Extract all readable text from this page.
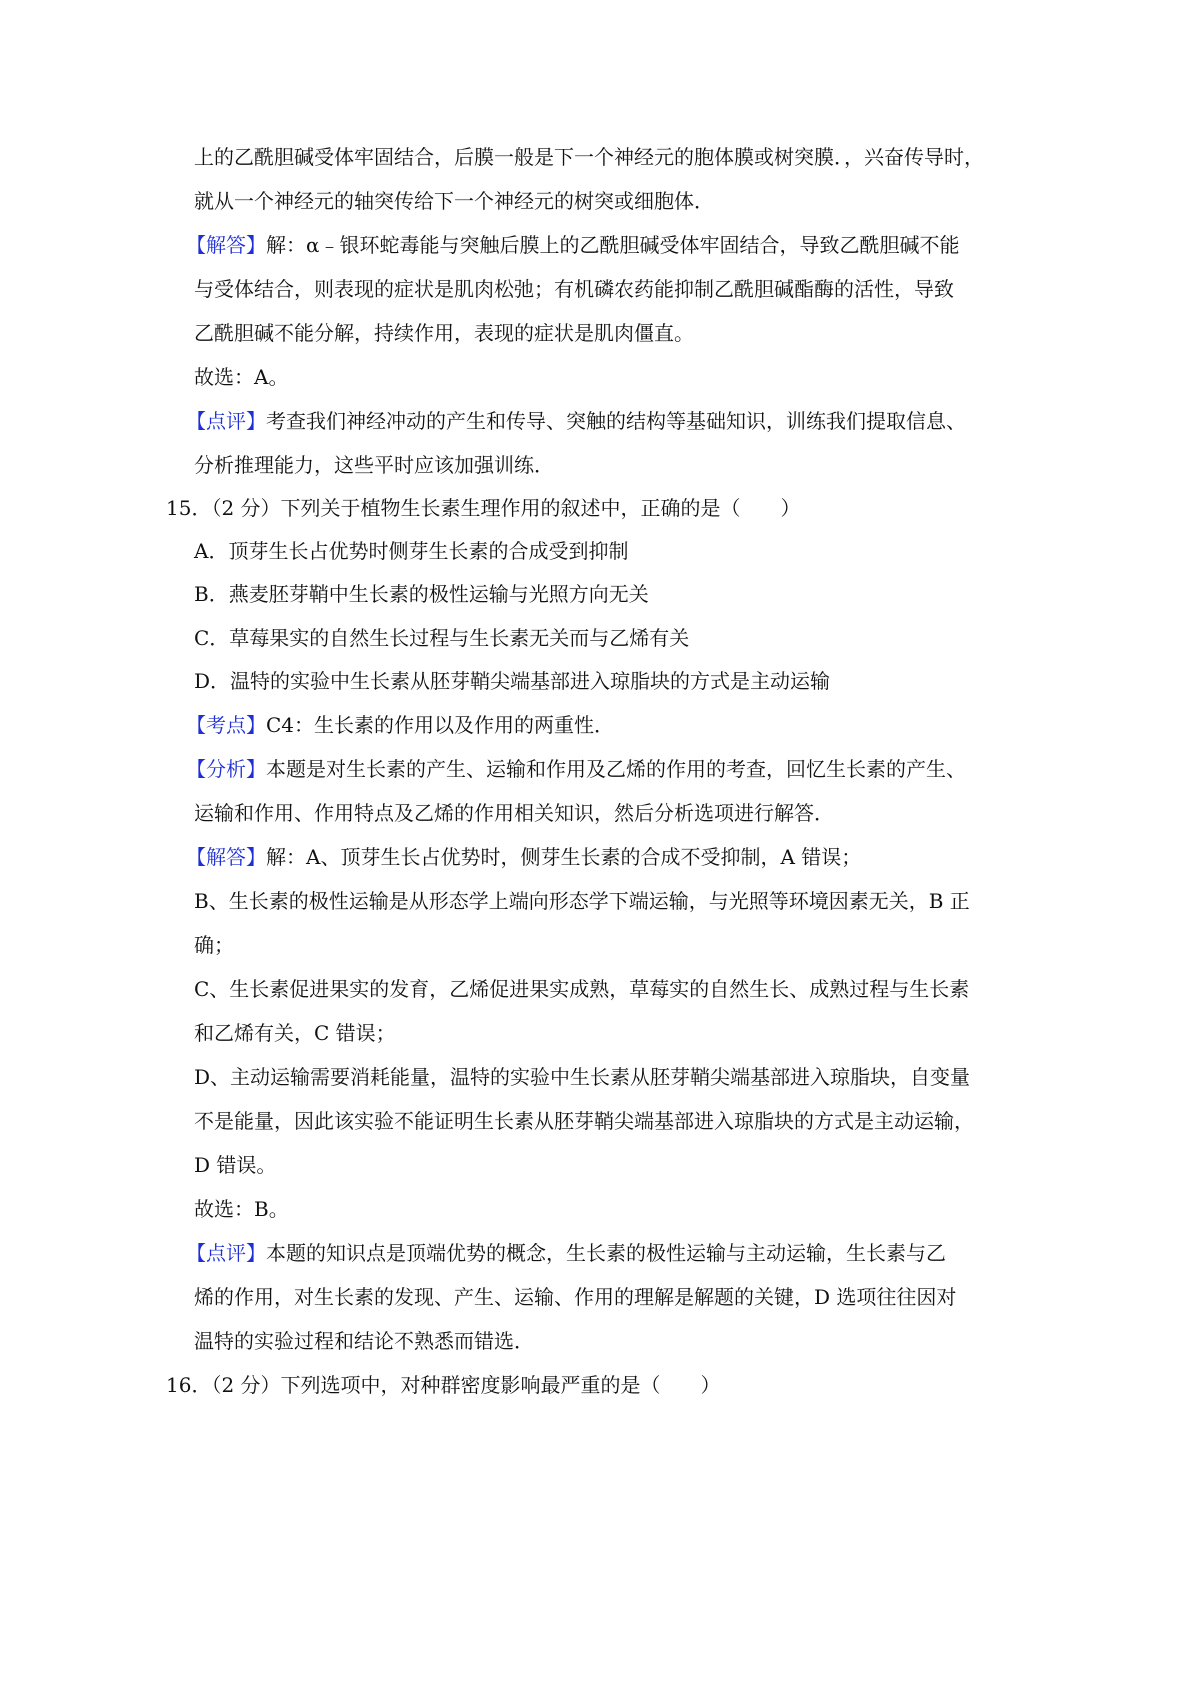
上的乙酰胆碱受体牢固结合，后膜一般是下一个神经元的胞体膜或树突膜．，兴奋传导时，
就从一个神经元的轴突传给下一个神经元的树突或细胞体．
【解答】解：α﹣银环蛇毒能与突触后膜上的乙酰胆碱受体牢固结合，导致乙酰胆碱不能
与受体结合，则表现的症状是肌肉松弛；有机磷农药能抑制乙酰胆碱酯酶的活性，导致
乙酰胆碱不能分解，持续作用，表现的症状是肌肉僵直。
故选：A。
【点评】考查我们神经冲动的产生和传导、突触的结构等基础知识，训练我们提取信息、
分析推理能力，这些平时应该加强训练．
15．（2 分）下列关于植物生长素生理作用的叙述中，正确的是（　　）
A．顶芽生长占优势时侧芽生长素的合成受到抑制
B．燕麦胚芽鞘中生长素的极性运输与光照方向无关
C．草莓果实的自然生长过程与生长素无关而与乙烯有关
D．温特的实验中生长素从胚芽鞘尖端基部进入琼脂块的方式是主动运输
【考点】C4：生长素的作用以及作用的两重性．
【分析】本题是对生长素的产生、运输和作用及乙烯的作用的考查，回忆生长素的产生、
运输和作用、作用特点及乙烯的作用相关知识，然后分析选项进行解答．
【解答】解：A、顶芽生长占优势时，侧芽生长素的合成不受抑制，A 错误；
B、生长素的极性运输是从形态学上端向形态学下端运输，与光照等环境因素无关，B 正
确；
C、生长素促进果实的发育，乙烯促进果实成熟，草莓实的自然生长、成熟过程与生长素
和乙烯有关，C 错误；
D、主动运输需要消耗能量，温特的实验中生长素从胚芽鞘尖端基部进入琼脂块，自变量
不是能量，因此该实验不能证明生长素从胚芽鞘尖端基部进入琼脂块的方式是主动运输，
D 错误。
故选：B。
【点评】本题的知识点是顶端优势的概念，生长素的极性运输与主动运输，生长素与乙
烯的作用，对生长素的发现、产生、运输、作用的理解是解题的关键，D 选项往往因对
温特的实验过程和结论不熟悉而错选．
16．（2 分）下列选项中，对种群密度影响最严重的是（　　）
